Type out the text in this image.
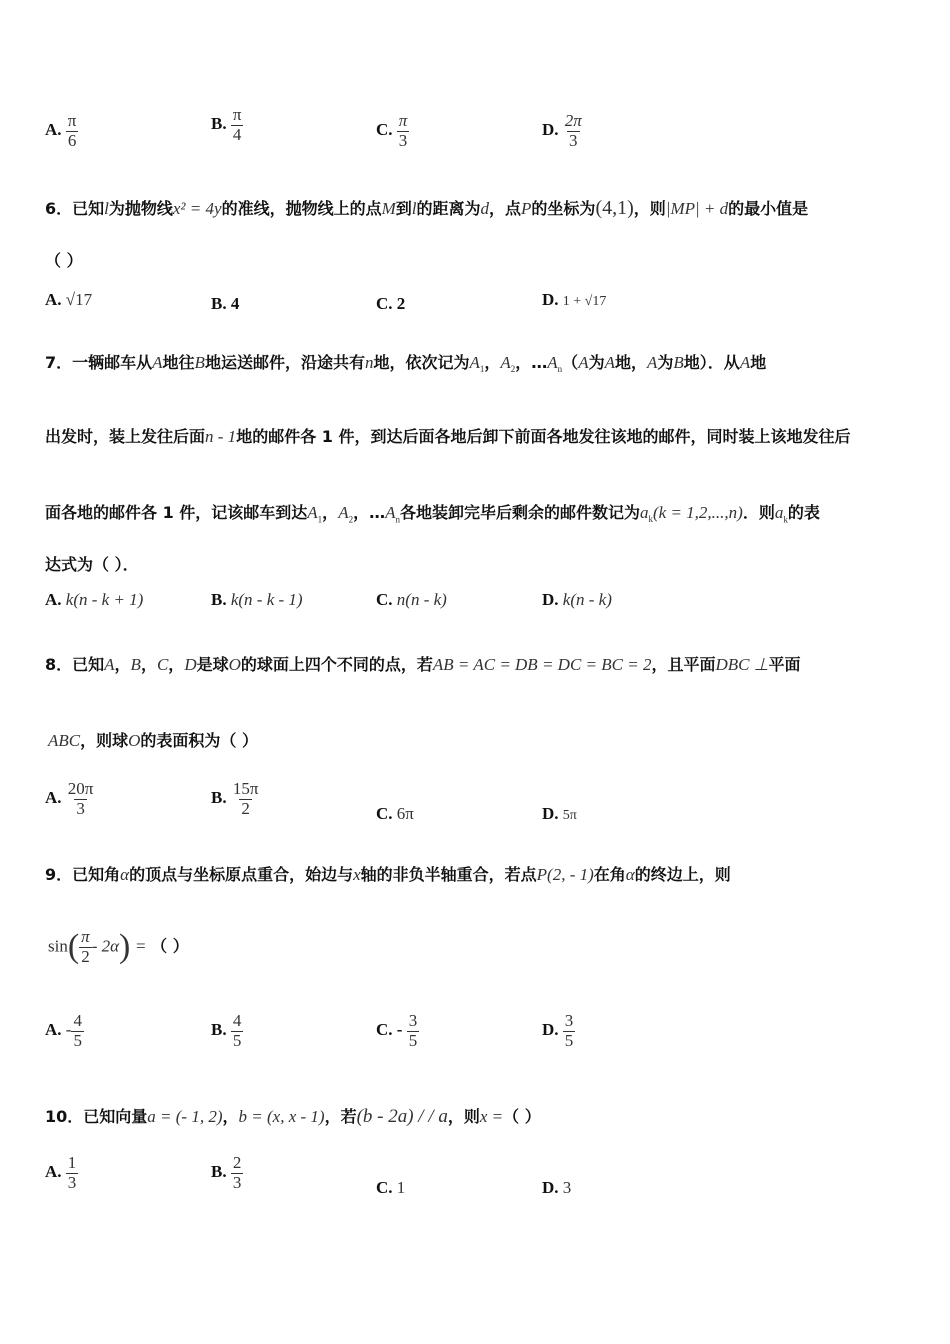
A. $\frac{\pi}{6}$	B. $\frac{\pi}{4}$	C. $\frac{\pi}{3}$	D. $\frac{2\pi}{3}$
6．已知l为抛物线x² = 4y的准线，抛物线上的点M到l的距离为d，点P的坐标为(4,1)，则|MP| + d的最小值是
（ ）
A. √17	B. 4	C. 2	D. 1 + √17
7．一辆邮车从A地往B地运送邮件，沿途共有n地，依次记为$A_1$，$A_2$，$\dots A_n(A$为A地，A为B地）．从A地
出发时，装上发往后面n - 1地的邮件各 1 件，到达后面各地后卸下前面各地发往该地的邮件，同时装上该地发往后
面各地的邮件各 1 件，记该邮车到达$A_1$，$A_2$，$\dots A_n$各地装卸完毕后剩余的邮件数记为$a_k(k = 1,2,...,n)$．则$a_k$的表
达式为（ ）．
A. k(n - k + 1)	B. k(n - k - 1)	C. n(n - k)	D. k(n - k)
8．已知A，B，C，D是球O的球面上四个不同的点，若AB = AC = DB = DC = BC = 2，且平面DBC ⊥平面
ABC，则球O的表面积为（ ）
A. $\frac{20\pi}{3}$	B. $\frac{15\pi}{2}$	C. 6π	D. 5π
9．已知角α的顶点与坐标原点重合，始边与x轴的非负半轴重合，若点P(2, - 1)在角α的终边上，则
$\sin( \frac{\pi}{2} - 2\alpha)$ = （ ）
A. - $\frac{4}{5}$	B. $\frac{4}{5}$	C. - $\frac{3}{5}$	D. $\frac{3}{5}$
10．已知向量a = (- 1, 2)，b = (x, x - 1)，若(b - 2a) / / a，则x =（ ）
A. $\frac{1}{3}$	B. $\frac{2}{3}$	C. 1	D. 3
